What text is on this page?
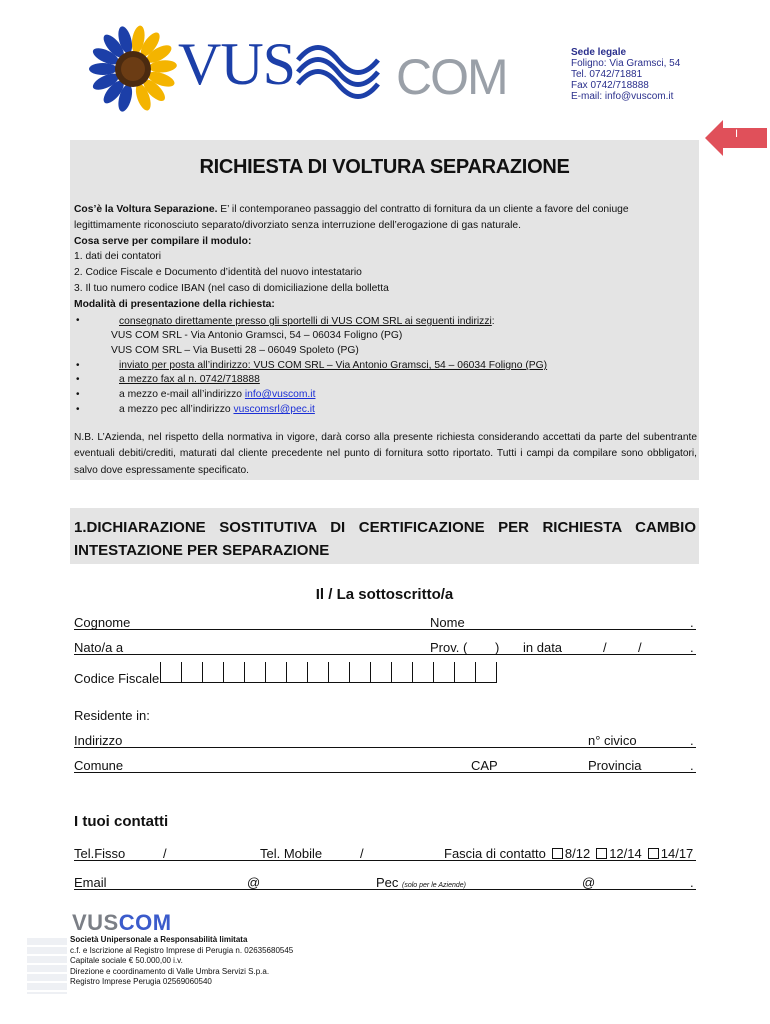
VUS COM	Sede legale
Foligno: Via Gramsci, 54
Tel. 0742/71881
Fax 0742/718888
E-mail: info@vuscom.it
I
RICHIESTA DI VOLTURA SEPARAZIONE
Cos’è la Voltura Separazione. E’ il contemporaneo passaggio del contratto di fornitura da un cliente a favore del coniuge
legittimamente riconosciuto separato/divorziato senza interruzione dell’erogazione di gas naturale.
Cosa serve per compilare il modulo:
1. dati dei contatori
2. Codice Fiscale e Documento d’identità del nuovo intestatario
3. Il tuo numero codice IBAN (nel caso di domiciliazione della bolletta
Modalità di presentazione della richiesta:
•	consegnato direttamente presso gli sportelli di VUS COM SRL ai seguenti indirizzi:
VUS COM SRL - Via Antonio Gramsci, 54 – 06034 Foligno (PG)
VUS COM SRL – Via Busetti 28 – 06049 Spoleto (PG)
•	inviato per posta all’indirizzo: VUS COM SRL – Via Antonio Gramsci, 54 – 06034 Foligno (PG)
•	a mezzo fax al n. 0742/718888
•	a mezzo e-mail all’indirizzo info@vuscom.it
•	a mezzo pec all’indirizzo vuscomsrl@pec.it
N.B. L’Azienda, nel rispetto della normativa in vigore, darà corso alla presente richiesta considerando accettati da parte del subentrante eventuali debiti/crediti, maturati dal cliente precedente nel punto di fornitura sotto riportato. Tutti i campi da compilare sono obbligatori, salvo dove espressamente specificato.
1.DICHIARAZIONE SOSTITUTIVA DI CERTIFICAZIONE PER RICHIESTA CAMBIO INTESTAZIONE PER SEPARAZIONE
Il / La sottoscritto/a
Cognome	Nome	.
Nato/a a	Prov. ( ) in data	/ /	.
Codice Fiscale
Residente in:
Indirizzo	n° civico	.
Comune	CAP	Provincia	.
I tuoi contatti
Tel.Fisso	/	Tel. Mobile	/	Fascia di contatto 8/12 12/14 14/17
Email	@	Pec (solo per le Aziende)	@	.
VUSCOM
Società Unipersonale a Responsabilità limitata
c.f. e Iscrizione al Registro Imprese di Perugia n. 02635680545
Capitale sociale € 50.000,00 i.v.
Direzione e coordinamento di Valle Umbra Servizi S.p.a.
Registro Imprese Perugia 02569060540
